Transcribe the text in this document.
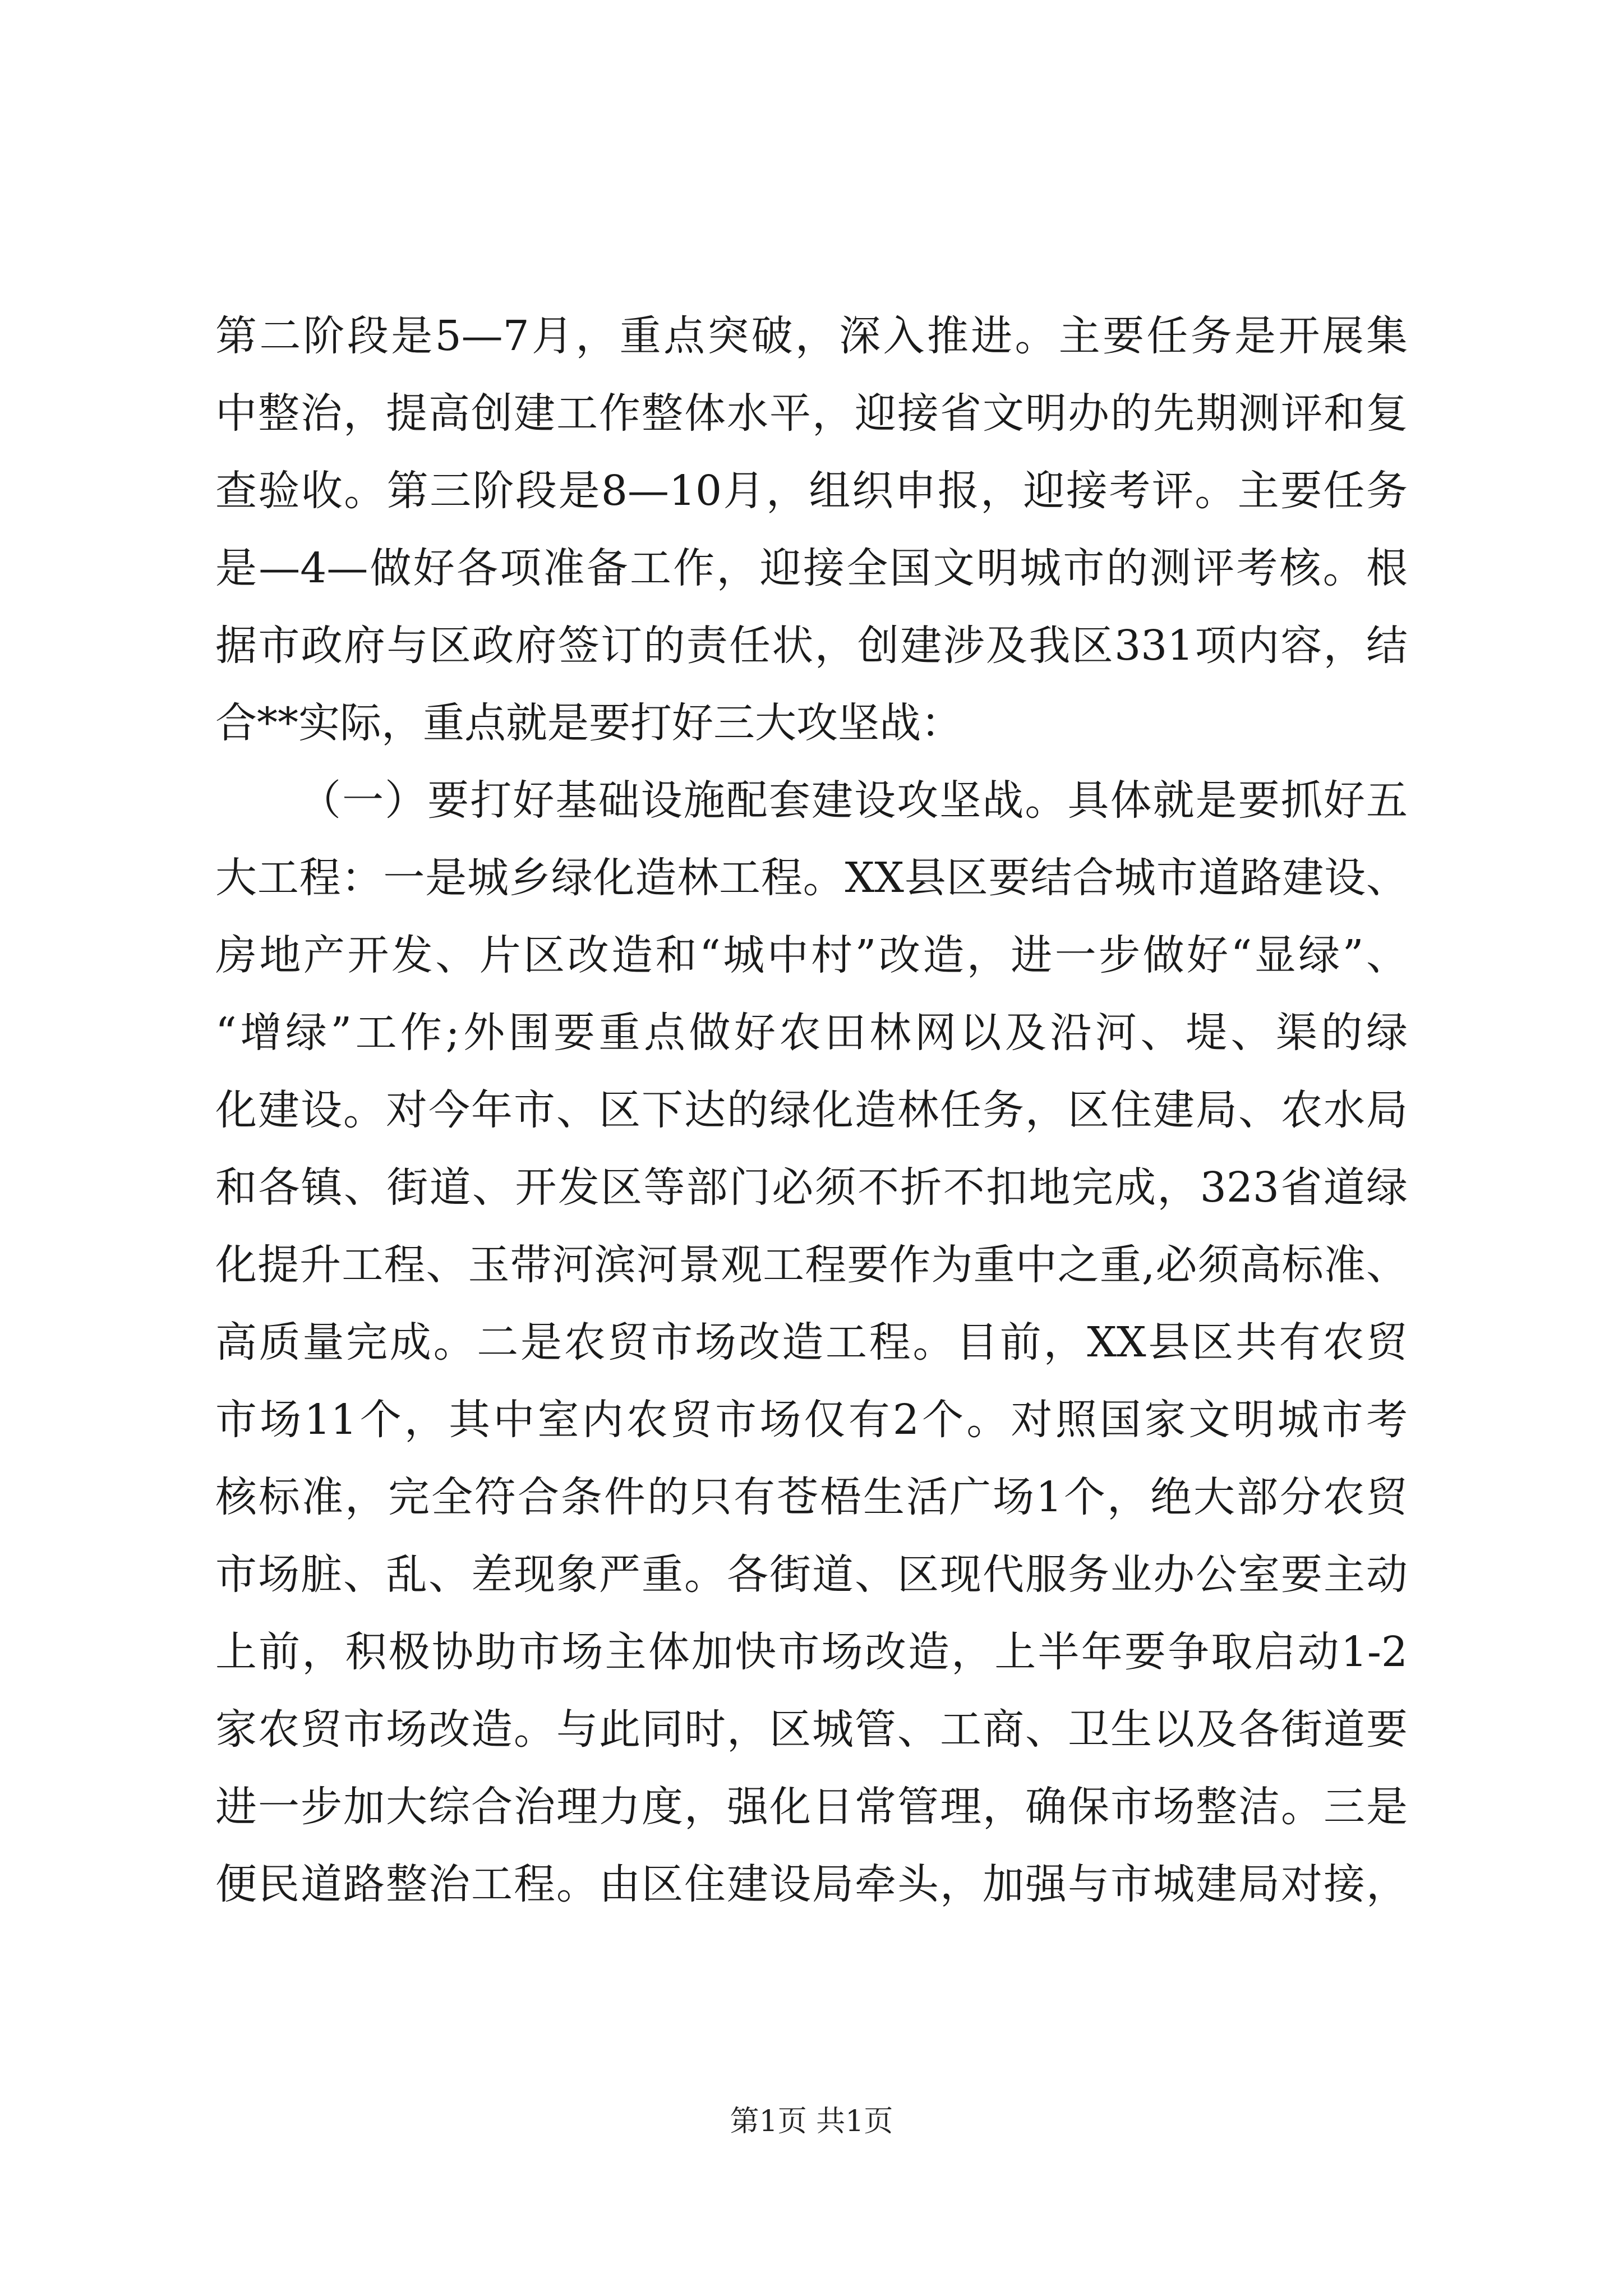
第二阶段是5—7月，重点突破，深入推进。主要任务是开展集
中整治，提高创建工作整体水平，迎接省文明办的先期测评和复
查验收。第三阶段是8—10月，组织申报，迎接考评。主要任务
是—4—做好各项准备工作，迎接全国文明城市的测评考核。根
据市政府与区政府签订的责任状，创建涉及我区331项内容，结
合**实际，重点就是要打好三大攻坚战：
（一）要打好基础设施配套建设攻坚战。具体就是要抓好五
大工程：一是城乡绿化造林工程。XX县区要结合城市道路建设、
房地产开发、片区改造和“城中村”改造，进一步做好“显绿”、
“增绿”工作;外围要重点做好农田林网以及沿河、堤、渠的绿
化建设。对今年市、区下达的绿化造林任务，区住建局、农水局
和各镇、街道、开发区等部门必须不折不扣地完成，323省道绿
化提升工程、玉带河滨河景观工程要作为重中之重,必须高标准、
高质量完成。二是农贸市场改造工程。目前，XX县区共有农贸
市场11个，其中室内农贸市场仅有2个。对照国家文明城市考
核标准，完全符合条件的只有苍梧生活广场1个，绝大部分农贸
市场脏、乱、差现象严重。各街道、区现代服务业办公室要主动
上前，积极协助市场主体加快市场改造，上半年要争取启动1-2
家农贸市场改造。与此同时，区城管、工商、卫生以及各街道要
进一步加大综合治理力度，强化日常管理，确保市场整洁。三是
便民道路整治工程。由区住建设局牵头，加强与市城建局对接，
第1页 共1页
